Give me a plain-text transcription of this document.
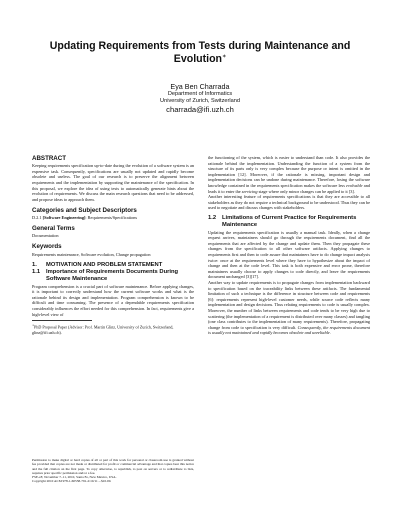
Updating Requirements from Tests during Maintenance and Evolution∗
Eya Ben Charrada
Department of Informatics
University of Zurich, Switzerland
charrada@ifi.uzh.ch
ABSTRACT

Keeping requirements specification up-to-date during the evolution of a software system is an expensive task. Consequently, specifications are usually not updated and rapidly become obsolete and useless. The goal of our research is to preserve the alignment between requirements and the implementation by supporting the maintenance of the specification. In this proposal, we explore the idea of using tests to automatically generate hints about the evolution of requirements. We discuss the main research questions that need to be addressed, and propose ideas to approach them.

Categories and Subject Descriptors

D.2.1 [Software Engineering]: Requirements/Specifications

General Terms

Documentation

Keywords

Requirements maintenance, Software evolution, Change propagation

1.	MOTIVATION AND PROBLEM STATEMENT
1.1	Importance of Requirements Documents During Software Maintenance

Program comprehension is a crucial part of software maintenance. Before applying changes, it is important to correctly understand how the current software works and what is the rationale behind its design and implementation. Program comprehension is known to be difficult and time consuming. The presence of a dependable requirements specification considerably influences the effort needed for this comprehension. In fact, requirements give a high-level view of

∗PhD Proposal Paper (Advisor: Prof. Martin Glinz, University of Zurich, Switzerland, glinz@ifi.uzh.ch).

Permission to make digital or hard copies of all or part of this work for personal or classroom use is granted without fee provided that copies are not made or distributed for profit or commercial advantage and that copies bear this notice and the full citation on the first page. To copy otherwise, to republish, to post on servers or to redistribute to lists, requires prior specific permission and/or a fee.

FSE-18, November 7–11, 2010, Santa Fe, New Mexico, USA.

Copyright 2010 ACM 978-1-60558-791-2/10/11 ...$10.00.

the functioning of the system, which is easier to understand than code. It also provides the rationale behind the implementation. Understanding the function of a system from the structure of its parts only is very complex because the purpose or intent is omitted in the implementation [12]. Moreover, if the rationale is missing, important design and implementation decisions can be undone during maintenance. Therefore, losing the software knowledge contained in the requirements specification makes the software less evolvable and leads it to enter the servicing stage where only minor changes can be applied to it [3].

Another interesting feature of requirements specifications is that they are accessible to all stakeholders as they do not require a technical background to be understood. Thus they can be used to negotiate and discuss changes with stakeholders.

1.2	Limitations of Current Practice for Requirements Maintenance

Updating the requirements specification is usually a manual task. Ideally, when a change request arrives, maintainers should go through the requirements document, find all the requirements that are affected by the change and update them. Then they propagate these changes from the specification to all other software artifacts. Applying changes to requirements first and then to code assure that maintainers have to do change impact analysis twice: once at the requirements level where they have to hypothesize about the impact of change and then at the code level. This task is both expensive and error prone, therefore maintainers usually choose to apply changes to code directly, and leave the requirements document unchanged [3][17].

Another way to update requirements is to propagate changes from implementation backward to specification based on the traceability links between these artifacts. The fundamental limitation of such a technique is the difference in structure between code and requirements [6]: requirements represent high-level customer needs, while source code reflects many implementation and design decisions. Thus relating requirements to code is usually complex. Moreover, the number of links between requirements and code tends to be very high due to scattering (the implementation of a requirement is distributed over many classes) and tangling (one class contributes to the implementation of many requirements). Therefore, propagating change from code to specification is very difficult. Consequently, the requirements document is usually not maintained and rapidly becomes obsolete and unreliable.
